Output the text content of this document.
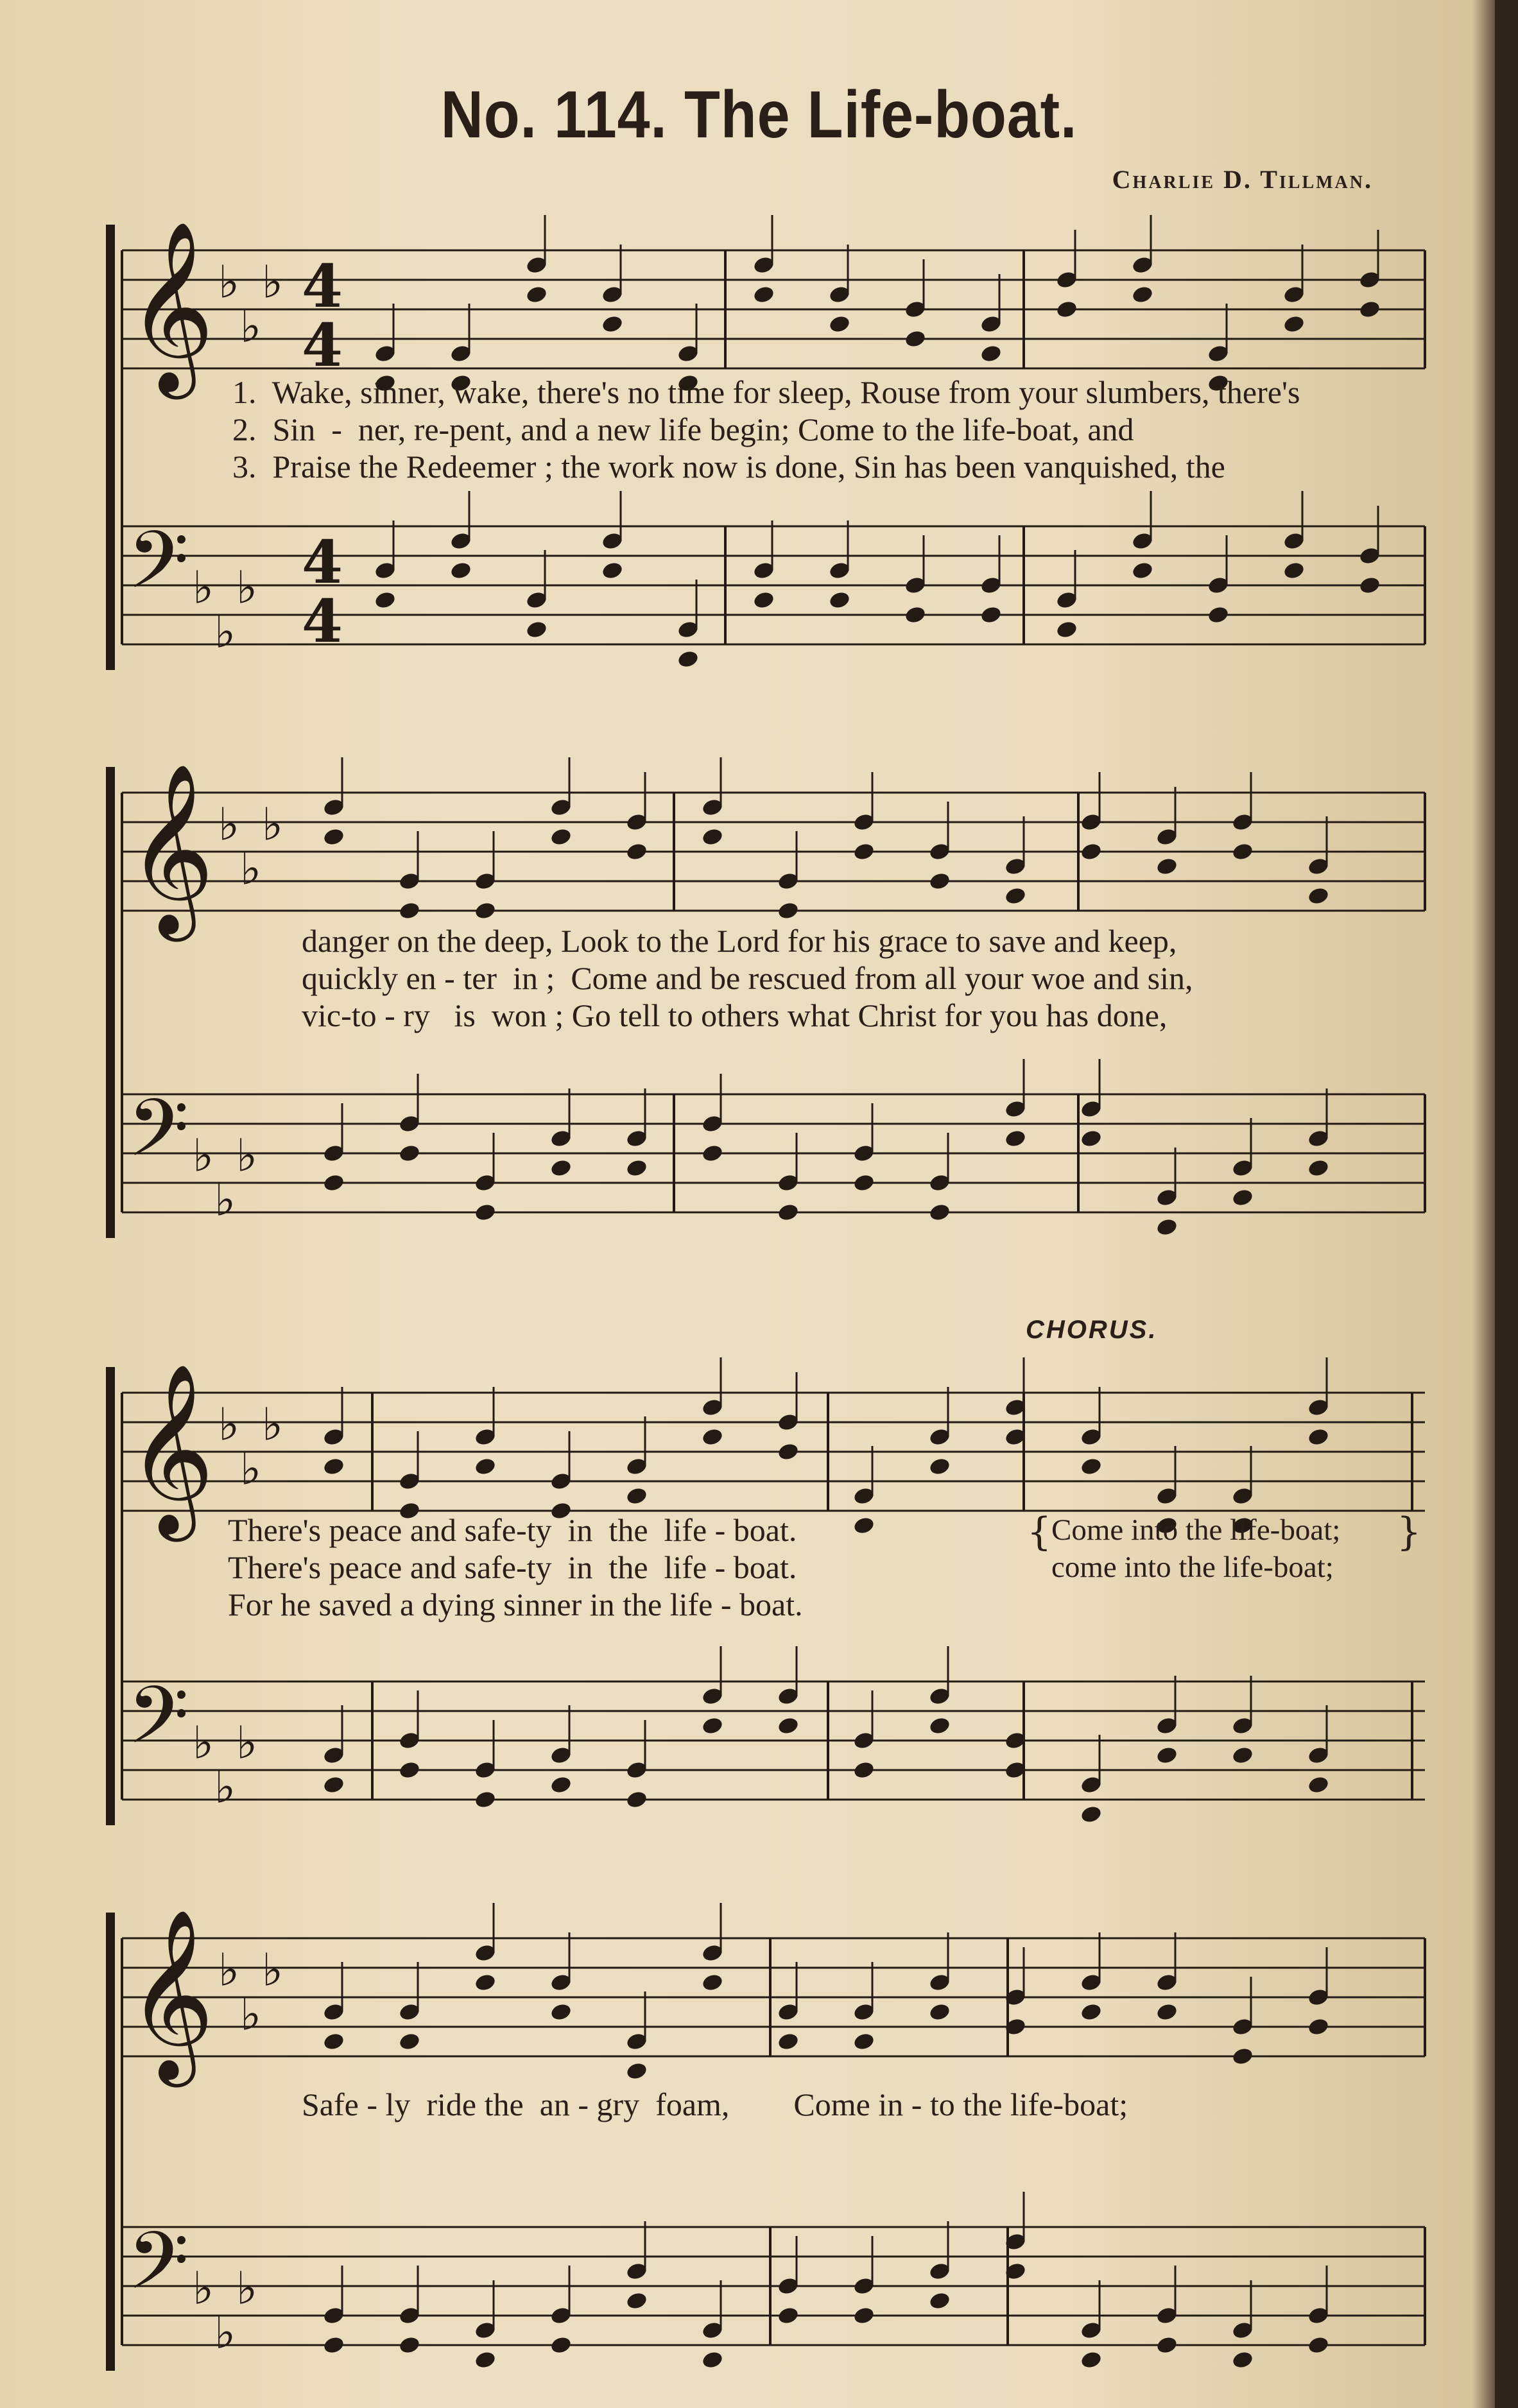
No. 114. The Life-boat.
Charlie D. Tillman.
𝄞
𝄢
♭
♭
♭
♭
♭
♭
4
4
4
4
1.  Wake, sinner, wake, there's no time for sleep, Rouse from your slumbers, there's
2.  Sin  -  ner, re-pent, and a new life begin; Come to the life-boat, and
3.  Praise the Redeemer ; the work now is done, Sin has been vanquished, the
𝄞
𝄢
♭
♭
♭
♭
♭
♭
danger on the deep, Look to the Lord for his grace to save and keep,
quickly en - ter  in ;  Come and be rescued from all your woe and sin,
vic-to - ry   is  won ; Go tell to others what Christ for you has done,
𝄞
𝄢
♭
♭
♭
♭
♭
♭
CHORUS.
There's peace and safe-ty  in  the  life - boat.
There's peace and safe-ty  in  the  life - boat.
For he saved a dying sinner in the life - boat.
{ Come into the life-boat;
come into the life-boat;
}
𝄞
𝄢
♭
♭
♭
♭
♭
♭
Safe - ly  ride the  an - gry  foam,        Come in - to the life-boat;
